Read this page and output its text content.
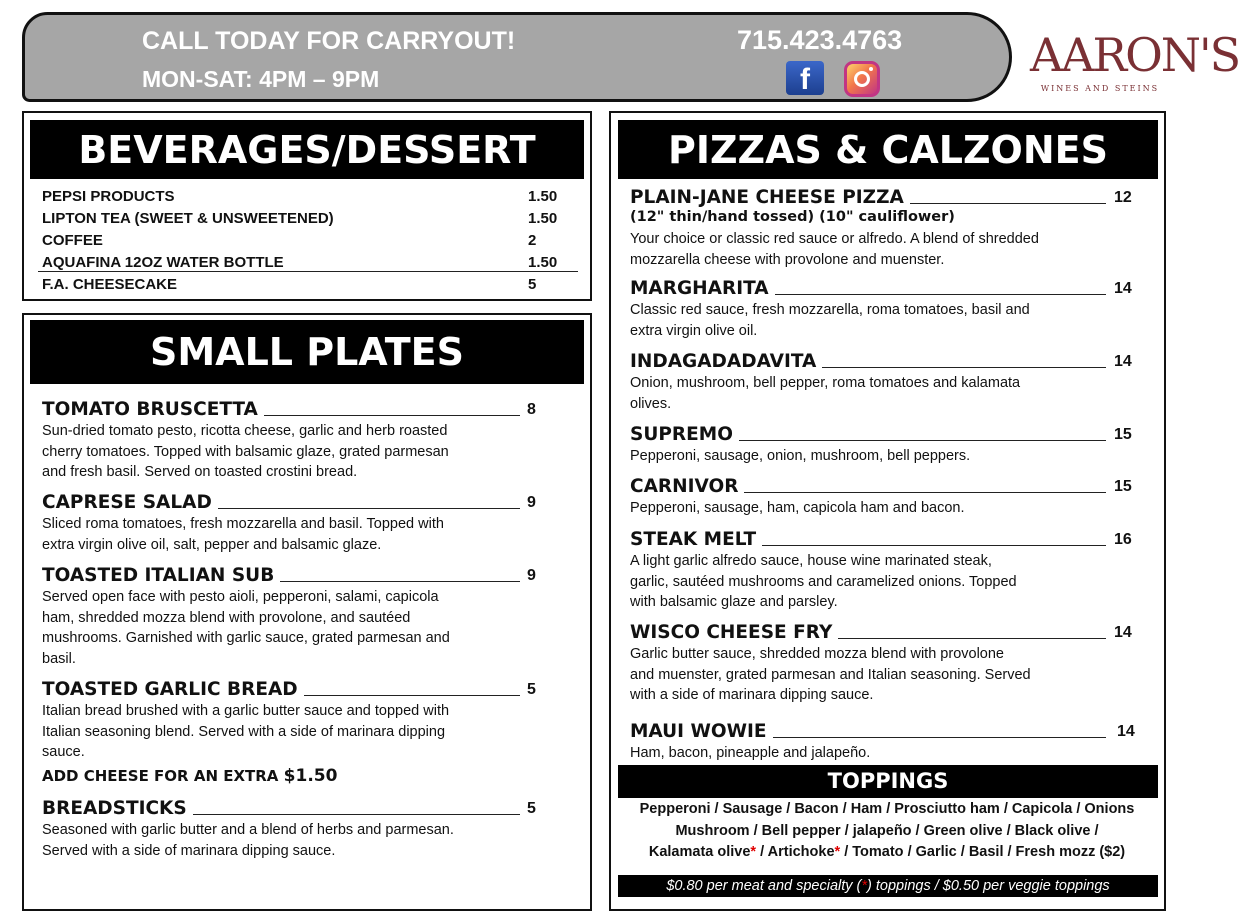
CALL TODAY FOR CARRYOUT!
MON-SAT: 4PM – 9PM
715.423.4763
f	AARON'S
WINES AND STEINS
BEVERAGES/DESSERT
PEPSI PRODUCTS	1.50
LIPTON TEA (SWEET & UNSWEETENED)	1.50
COFFEE	2
AQUAFINA 12OZ WATER BOTTLE	1.50
F.A. CHEESECAKE	5
SMALL PLATES
TOMATO BRUSCETTA	8
Sun-dried tomato pesto, ricotta cheese, garlic and herb roasted
cherry tomatoes. Topped with balsamic glaze, grated parmesan
and fresh basil. Served on toasted crostini bread.
CAPRESE SALAD	9
Sliced roma tomatoes, fresh mozzarella and basil. Topped with
extra virgin olive oil, salt, pepper and balsamic glaze.
TOASTED ITALIAN SUB	9
Served open face with pesto aioli, pepperoni, salami, capicola
ham, shredded mozza blend with provolone, and sautéed
mushrooms. Garnished with garlic sauce, grated parmesan and
basil.
TOASTED GARLIC BREAD	5
Italian bread brushed with a garlic butter sauce and topped with
Italian seasoning blend. Served with a side of marinara dipping
sauce.
BREADSTICKS	5
Seasoned with garlic butter and a blend of herbs and parmesan.
Served with a side of marinara dipping sauce.
ADD CHEESE FOR AN EXTRA $1.50
PIZZAS & CALZONES
(12" thin/hand tossed) (10" cauliflower)
PLAIN-JANE CHEESE PIZZA	12
Your choice or classic red sauce or alfredo. A blend of shredded
mozzarella cheese with provolone and muenster.
MARGHARITA	14
Classic red sauce, fresh mozzarella, roma tomatoes, basil and
extra virgin olive oil.
INDAGADADAVITA	14
Onion, mushroom, bell pepper, roma tomatoes and kalamata
olives.
SUPREMO	15
Pepperoni, sausage, onion, mushroom, bell peppers.
CARNIVOR	15
Pepperoni, sausage, ham, capicola ham and bacon.
STEAK MELT	16
A light garlic alfredo sauce, house wine marinated steak,
garlic, sautéed mushrooms and caramelized onions. Topped
with balsamic glaze and parsley.
WISCO CHEESE FRY	14
Garlic butter sauce, shredded mozza blend with provolone
and muenster, grated parmesan and Italian seasoning. Served
with a side of marinara dipping sauce.
MAUI WOWIE	14
Ham, bacon, pineapple and jalapeño.
TOPPINGS
Pepperoni / Sausage / Bacon / Ham / Prosciutto ham / Capicola / Onions
Mushroom / Bell pepper / jalapeño / Green olive / Black olive /
Kalamata olive* / Artichoke* / Tomato / Garlic / Basil / Fresh mozz ($2)
$0.80 per meat and specialty (*) toppings / $0.50 per veggie toppings
